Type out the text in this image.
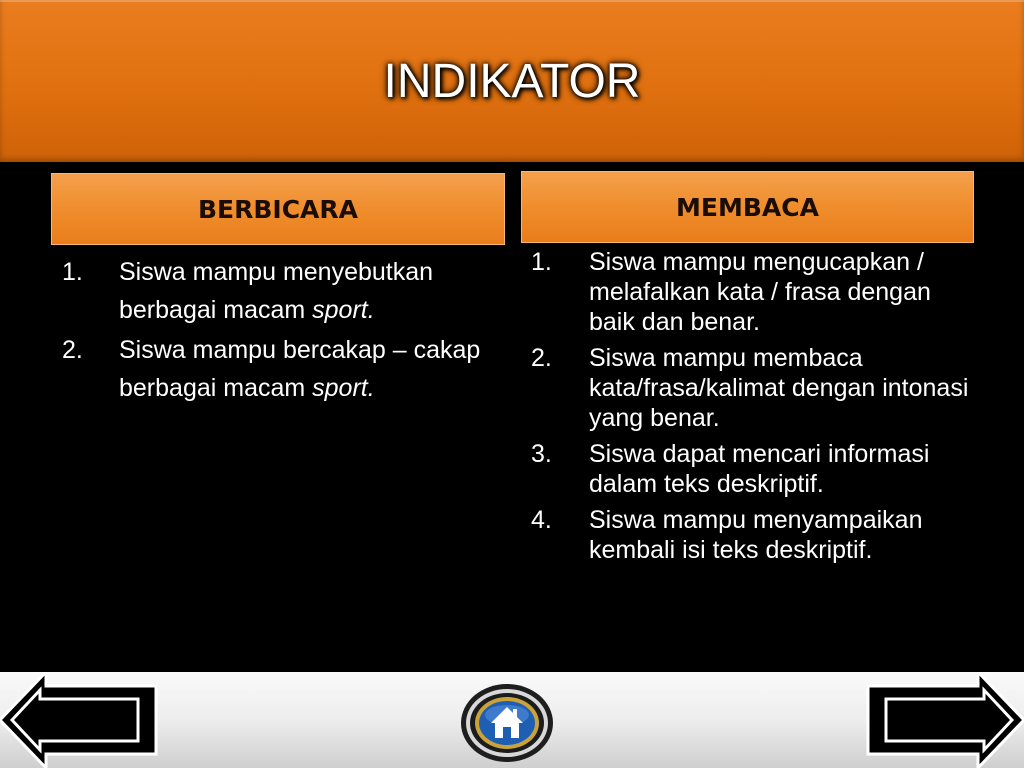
INDIKATOR
BERBICARA	MEMBACA
1. Siswa mampu menyebutkan berbagai macam sport.
2. Siswa mampu bercakap – cakap berbagai macam sport.
1. Siswa mampu mengucapkan / melafalkan kata / frasa dengan baik dan benar.
2. Siswa mampu membaca kata/frasa/kalimat dengan intonasi yang benar.
3. Siswa dapat mencari informasi dalam teks deskriptif.
4. Siswa mampu menyampaikan kembali isi teks deskriptif.
